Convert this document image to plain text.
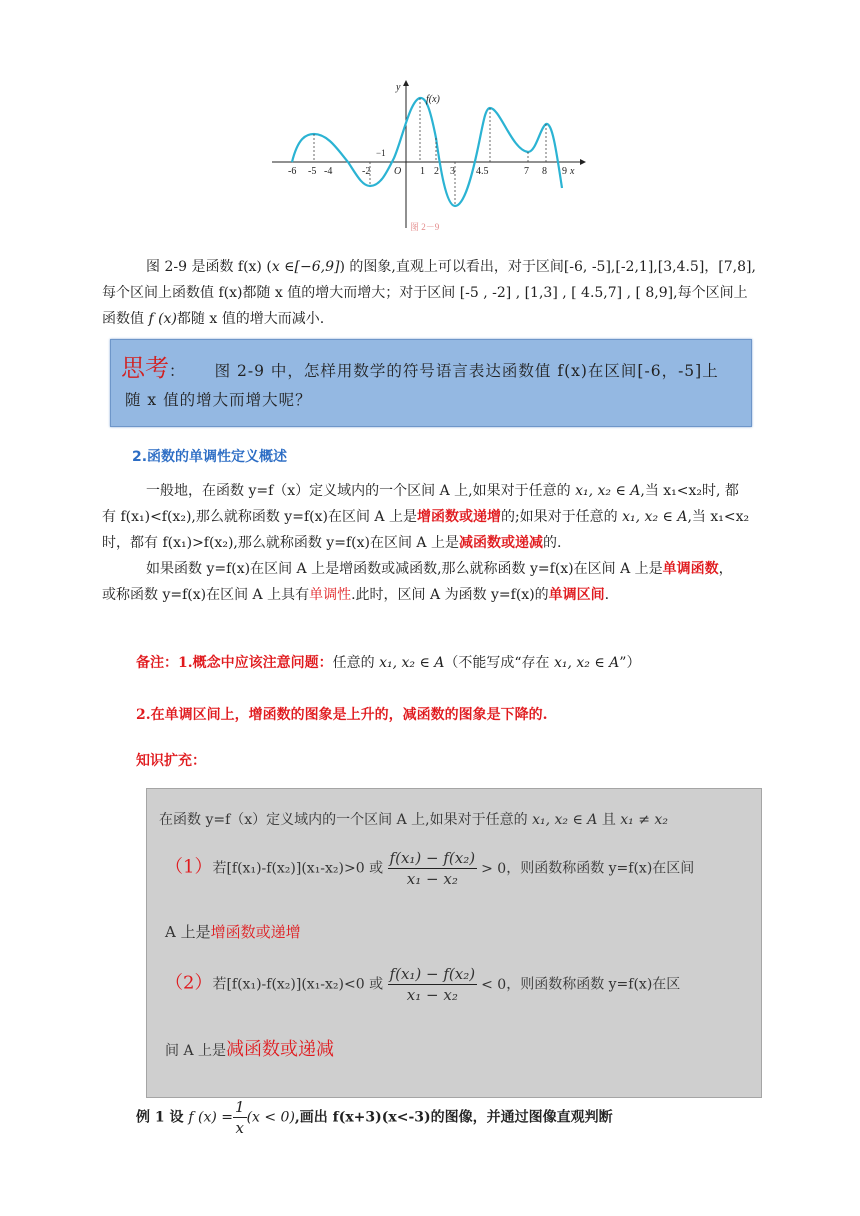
-6 -5 -4	-2	1 2 3 4.5	7 8 9
O	x
y
−1
f(x)
图 2－9
图 2-9 是函数 f(x) (x ∈[−6,9]) 的图象,直观上可以看出，对于区间[-6, -5],[-2,1],[3,4.5]，[7,8],
每个区间上函数值 f(x)都随 x 值的增大而增大；对于区间 [-5 , -2] , [1,3] , [ 4.5,7] , [ 8,9],每个区间上
函数值 f (x)都随 x 值的增大而减小.
思考： 图 2-9 中，怎样用数学的符号语言表达函数值 f(x)在区间[-6，-5]上
随 x 值的增大而增大呢？
2.函数的单调性定义概述
一般地，在函数 y=f（x）定义域内的一个区间 A 上,如果对于任意的 x₁, x₂ ∈ A,当 x₁<x₂时, 都
有 f(x₁)<f(x₂),那么就称函数 y=f(x)在区间 A 上是增函数或递增的;如果对于任意的 x₁, x₂ ∈ A,当 x₁<x₂
时，都有 f(x₁)>f(x₂),那么就称函数 y=f(x)在区间 A 上是减函数或递减的.
如果函数 y=f(x)在区间 A 上是增函数或减函数,那么就称函数 y=f(x)在区间 A 上是单调函数，
或称函数 y=f(x)在区间 A 上具有单调性.此时，区间 A 为函数 y=f(x)的单调区间.
备注：1.概念中应该注意问题：任意的 x₁, x₂ ∈ A（不能写成“存在 x₁, x₂ ∈ A”）
2.在单调区间上，增函数的图象是上升的，减函数的图象是下降的.
知识扩充：
在函数 y=f（x）定义域内的一个区间 A 上,如果对于任意的 x₁, x₂ ∈ A 且 x₁ ≠ x₂
（1）若[f(x₁)-f(x₂)](x₁-x₂)>0 或 $\frac{\text{f(x₁) − f(x₂)}}{\text{x₁ − x₂}} > 0$，则函数称函数 y=f(x)在区间
A 上是增函数或递增
（2）若[f(x₁)-f(x₂)](x₁-x₂)<0 或 $\frac{\text{f(x₁) − f(x₂)}}{\text{x₁ − x₂}} < 0$，则函数称函数 y=f(x)在区
间 A 上是减函数或递减
例 1 设 f $(x) = \frac{1}{x} (x < 0)$,画出 f(x+3)(x<-3)的图像，并通过图像直观判断
